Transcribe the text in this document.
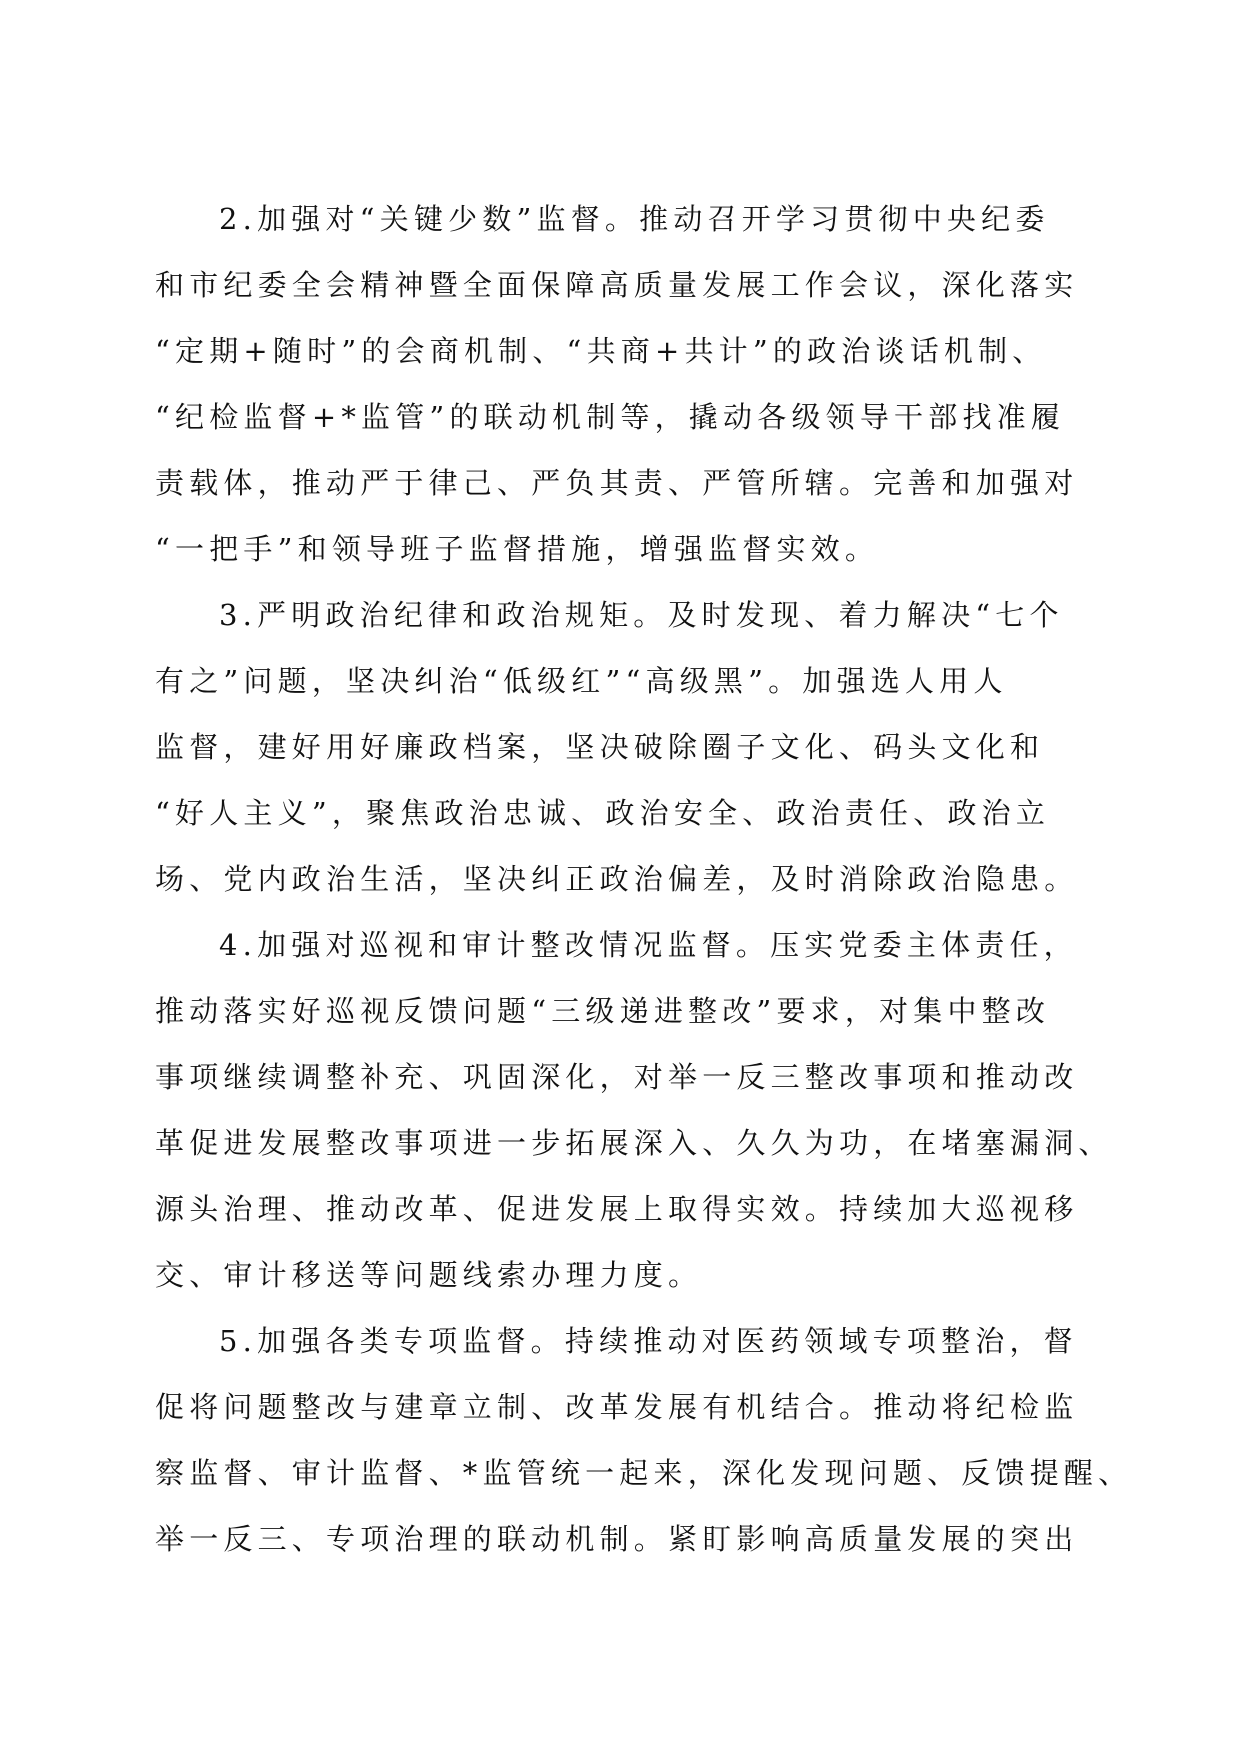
2.加强对“关键少数”监督。推动召开学习贯彻中央纪委
和市纪委全会精神暨全面保障高质量发展工作会议，深化落实
“定期+随时”的会商机制、“共商+共计”的政治谈话机制、
“纪检监督+*监管”的联动机制等，撬动各级领导干部找准履
责载体，推动严于律己、严负其责、严管所辖。完善和加强对
“一把手”和领导班子监督措施，增强监督实效。

3.严明政治纪律和政治规矩。及时发现、着力解决“七个
有之”问题，坚决纠治“低级红”“高级黑”。加强选人用人
监督，建好用好廉政档案，坚决破除圈子文化、码头文化和
“好人主义”，聚焦政治忠诚、政治安全、政治责任、政治立
场、党内政治生活，坚决纠正政治偏差，及时消除政治隐患。

4.加强对巡视和审计整改情况监督。压实党委主体责任，
推动落实好巡视反馈问题“三级递进整改”要求，对集中整改
事项继续调整补充、巩固深化，对举一反三整改事项和推动改
革促进发展整改事项进一步拓展深入、久久为功，在堵塞漏洞、
源头治理、推动改革、促进发展上取得实效。持续加大巡视移
交、审计移送等问题线索办理力度。

5.加强各类专项监督。持续推动对医药领域专项整治，督
促将问题整改与建章立制、改革发展有机结合。推动将纪检监
察监督、审计监督、*监管统一起来，深化发现问题、反馈提醒、
举一反三、专项治理的联动机制。紧盯影响高质量发展的突出
